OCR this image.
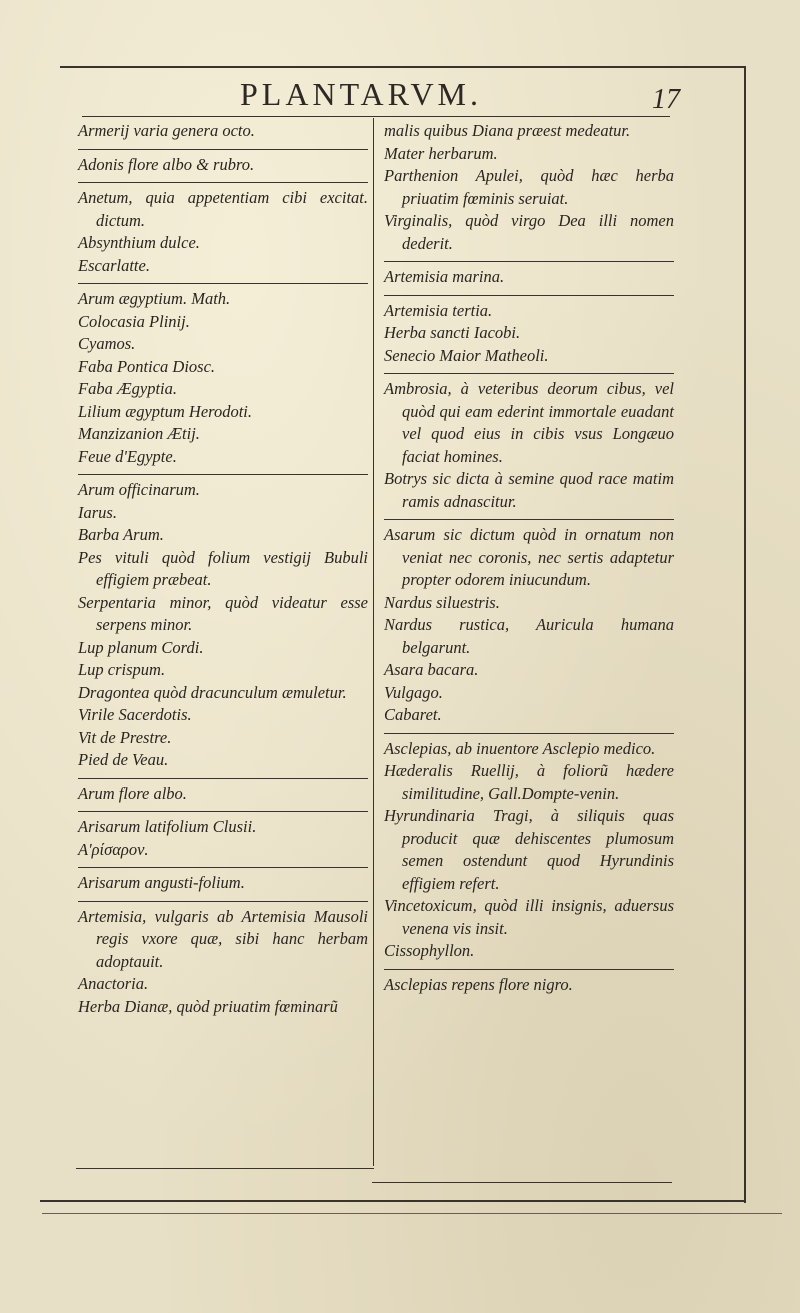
PLANTARVM.	17

Armerij varia genera octo.

Adonis flore albo & rubro.

Anetum, quia appetentiam cibi excitat. dictum.

Absynthium dulce.

Escarlatte.

Arum ægyptium. Math.

Colocasia Plinij.

Cyamos.

Faba Pontica Diosc.

Faba Ægyptia.

Lilium ægyptum Herodoti.

Manzizanion Ætij.

Feue d'Egypte.

Arum officinarum.

Iarus.

Barba Arum.

Pes vituli quòd folium vestigij Bubuli effigiem præbeat.

Serpentaria minor, quòd videatur esse serpens minor.

Lup planum Cordi.

Lup crispum.

Dragontea quòd dracunculum æmuletur.

Virile Sacerdotis.

Vit de Prestre.

Pied de Veau.

Arum flore albo.

Arisarum latifolium Clusii.

Α'ρίσαρον.

Arisarum angusti-folium.

Artemisia, vulgaris ab Artemisia Mausoli regis vxore quæ, sibi hanc herbam adoptauit.

Anactoria.

Herba Dianæ, quòd priuatim fœminarũ

malis quibus Diana præest medeatur.

Mater herbarum.

Parthenion Apulei, quòd hæc herba priuatim fœminis seruiat.

Virginalis, quòd virgo Dea illi nomen dederit.

Artemisia marina.

Artemisia tertia.

Herba sancti Iacobi.

Senecio Maior Matheoli.

Ambrosia, à veteribus deorum cibus, vel quòd qui eam ederint immortale euadant vel quod eius in cibis vsus Longæuo faciat homines.

Botrys sic dicta à semine quod race matim ramis adnascitur.

Asarum sic dictum quòd in ornatum non veniat nec coronis, nec sertis adaptetur propter odorem iniucundum.

Nardus siluestris.

Nardus rustica, Auricula humana belgarunt.

Asara bacara.

Vulgago.

Cabaret.

Asclepias, ab inuentore Asclepio medico.

Hæderalis Ruellij, à foliorũ hædere similitudine, Gall.Dompte-venin.

Hyrundinaria Tragi, à siliquis quas producit quæ dehiscentes plumosum semen ostendunt quod Hyrundinis effigiem refert.

Vincetoxicum, quòd illi insignis, aduersus venena vis insit.

Cissophyllon.

Asclepias repens flore nigro.
